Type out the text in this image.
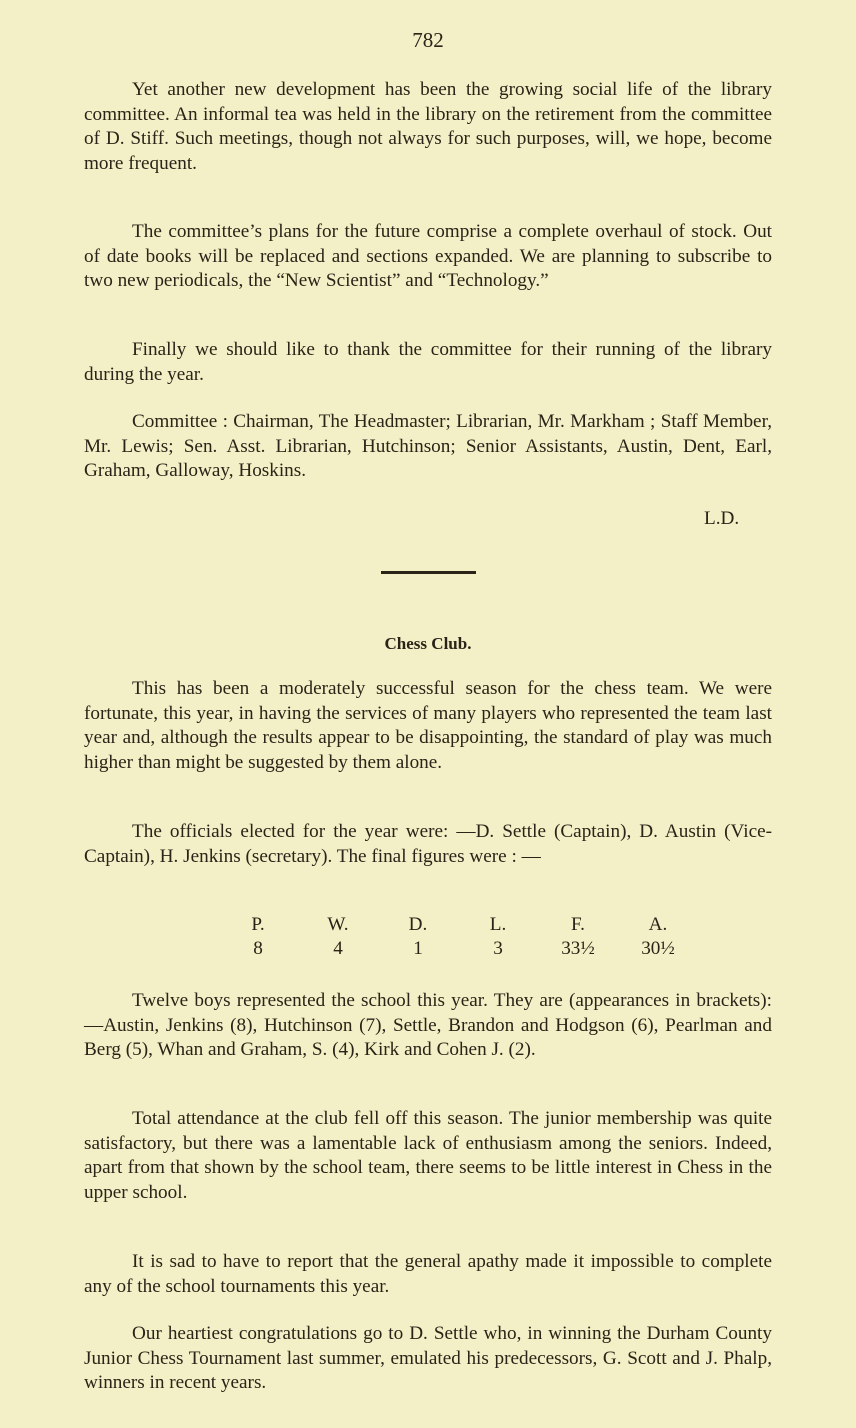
782

Yet another new development has been the growing social life of the library committee. An informal tea was held in the library on the retirement from the committee of D. Stiff. Such meetings, though not always for such purposes, will, we hope, become more frequent.

The committee’s plans for the future comprise a complete overhaul of stock. Out of date books will be replaced and sections expanded. We are planning to subscribe to two new periodicals, the “New Scientist” and “Technology.”

Finally we should like to thank the committee for their running of the library during the year.

Committee : Chairman, The Headmaster; Librarian, Mr. Markham ; Staff Member, Mr. Lewis; Sen. Asst. Librarian, Hutchinson; Senior Assistants, Austin, Dent, Earl, Graham, Galloway, Hoskins.

L.D.
Chess Club.

This has been a moderately successful season for the chess team. We were fortunate, this year, in having the services of many players who represented the team last year and, although the results appear to be disappointing, the standard of play was much higher than might be suggested by them alone.

The officials elected for the year were: —D. Settle (Captain), D. Austin (Vice-Captain), H. Jenkins (secretary). The final figures were : —

P.	W.	D.	L.	F.	A.
8	4	1	3	33½	30½

Twelve boys represented the school this year. They are (appearances in brackets): —Austin, Jenkins (8), Hutchinson (7), Settle, Brandon and Hodgson (6), Pearlman and Berg (5), Whan and Graham, S. (4), Kirk and Cohen J. (2).

Total attendance at the club fell off this season. The junior membership was quite satisfactory, but there was a lamentable lack of enthusiasm among the seniors. Indeed, apart from that shown by the school team, there seems to be little interest in Chess in the upper school.

It is sad to have to report that the general apathy made it impossible to complete any of the school tournaments this year.

Our heartiest congratulations go to D. Settle who, in winning the Durham County Junior Chess Tournament last summer, emulated his predecessors, G. Scott and J. Phalp, winners in recent years.
